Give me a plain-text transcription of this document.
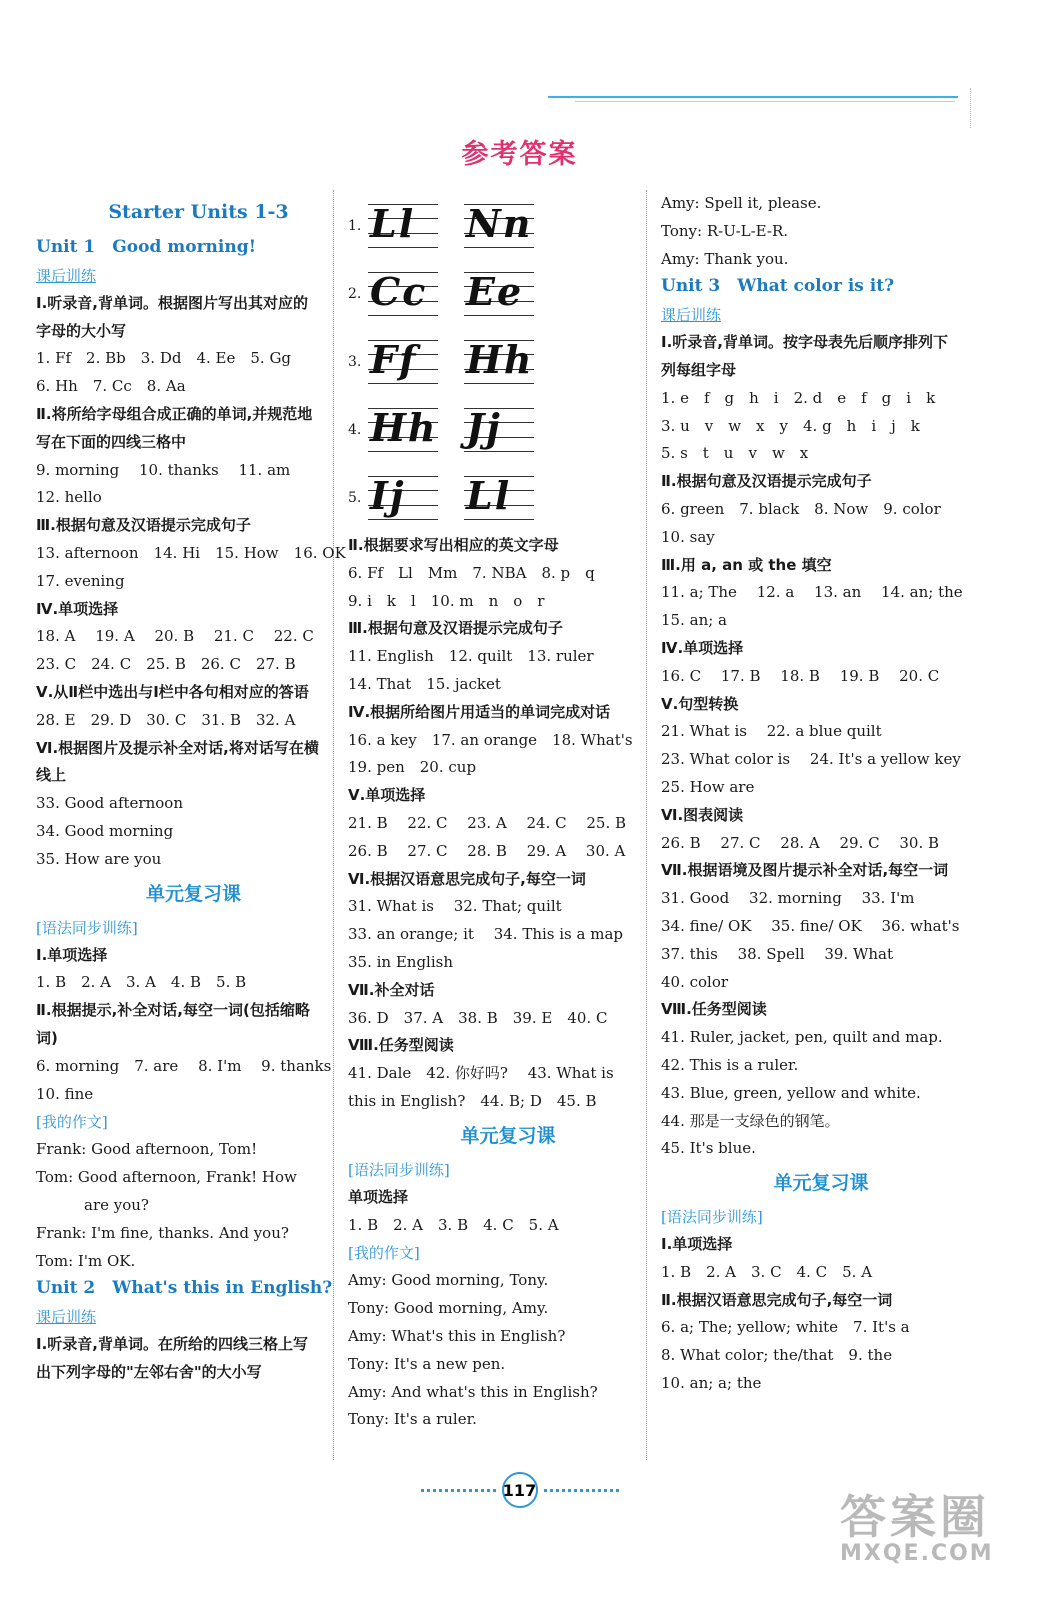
参考答案
Starter Units 1-3
Unit 1　Good morning!
课后训练
Ⅰ.听录音,背单词。根据图片写出其对应的字母的大小写
1. Ff　2. Bb　3. Dd　4. Ee　5. Gg
6. Hh　7. Cc　8. Aa
Ⅱ.将所给字母组合成正确的单词,并规范地写在下面的四线三格中
9. morning　 10. thanks　 11. am
12. hello
Ⅲ.根据句意及汉语提示完成句子
13. afternoon　14. Hi　15. How　16. OK
17. evening
Ⅳ.单项选择
18. A　 19. A　 20. B　 21. C　 22. C
23. C　24. C　25. B　26. C　27. B
Ⅴ.从Ⅱ栏中选出与Ⅰ栏中各句相对应的答语
28. E　29. D　30. C　31. B　32. A
Ⅵ.根据图片及提示补全对话,将对话写在横线上
33. Good afternoon
34. Good morning
35. How are you
单元复习课
[语法同步训练]
Ⅰ.单项选择
1. B　2. A　3. A　4. B　5. B
Ⅱ.根据提示,补全对话,每空一词(包括缩略词)
6. morning　7. are　 8. I'm　 9. thanks
10. fine
[我的作文]
Frank: Good afternoon, Tom!
Tom: Good afternoon, Frank! How
are you?
Frank: I'm fine, thanks. And you?
Tom: I'm OK.
Unit 2　What's this in English?
课后训练
Ⅰ.听录音,背单词。在所给的四线三格上写出下列字母的"左邻右舍"的大小写
1. Ll Nn
2. Cc Ee
3. Ff Hh
4. Hh Jj
5. Ij Ll
Ⅱ.根据要求写出相应的英文字母
6. Ff　Ll　Mm　7. NBA　8. p　q
9. i　k　l　10. m　n　o　r
Ⅲ.根据句意及汉语提示完成句子
11. English　12. quilt　13. ruler
14. That　15. jacket
Ⅳ.根据所给图片用适当的单词完成对话
16. a key　17. an orange　18. What's
19. pen　20. cup
Ⅴ.单项选择
21. B　 22. C　 23. A　 24. C　 25. B
26. B　 27. C　 28. B　 29. A　 30. A
Ⅵ.根据汉语意思完成句子,每空一词
31. What is　 32. That; quilt
33. an orange; it　 34. This is a map
35. in English
Ⅶ.补全对话
36. D　37. A　38. B　39. E　40. C
Ⅷ.任务型阅读
41. Dale　42. 你好吗?　 43. What is
this in English?　44. B; D　45. B
单元复习课
[语法同步训练]
单项选择
1. B　2. A　3. B　4. C　5. A
[我的作文]
Amy: Good morning, Tony.
Tony: Good morning, Amy.
Amy: What's this in English?
Tony: It's a new pen.
Amy: And what's this in English?
Tony: It's a ruler.
Amy: Spell it, please.
Tony: R-U-L-E-R.
Amy: Thank you.
Unit 3　What color is it?
课后训练
Ⅰ.听录音,背单词。按字母表先后顺序排列下列每组字母
1. e　f　g　h　i　2. d　e　f　g　i　k
3. u　v　w　x　y　4. g　h　i　j　k
5. s　t　u　v　w　x
Ⅱ.根据句意及汉语提示完成句子
6. green　7. black　8. Now　9. color
10. say
Ⅲ.用 a, an 或 the 填空
11. a; The　 12. a　 13. an　 14. an; the
15. an; a
Ⅳ.单项选择
16. C　 17. B　 18. B　 19. B　 20. C
Ⅴ.句型转换
21. What is　 22. a blue quilt
23. What color is　 24. It's a yellow key
25. How are
Ⅵ.图表阅读
26. B　 27. C　 28. A　 29. C　 30. B
Ⅶ.根据语境及图片提示补全对话,每空一词
31. Good　 32. morning　 33. I'm
34. fine/ OK　 35. fine/ OK　 36. what's
37. this　 38. Spell　 39. What
40. color
Ⅷ.任务型阅读
41. Ruler, jacket, pen, quilt and map.
42. This is a ruler.
43. Blue, green, yellow and white.
44. 那是一支绿色的钢笔。
45. It's blue.
单元复习课
[语法同步训练]
Ⅰ.单项选择
1. B　2. A　3. C　4. C　5. A
Ⅱ.根据汉语意思完成句子,每空一词
6. a; The; yellow; white　7. It's a
8. What color; the/that　9. the
10. an; a; the
117	答案圈
MXQE.COM
